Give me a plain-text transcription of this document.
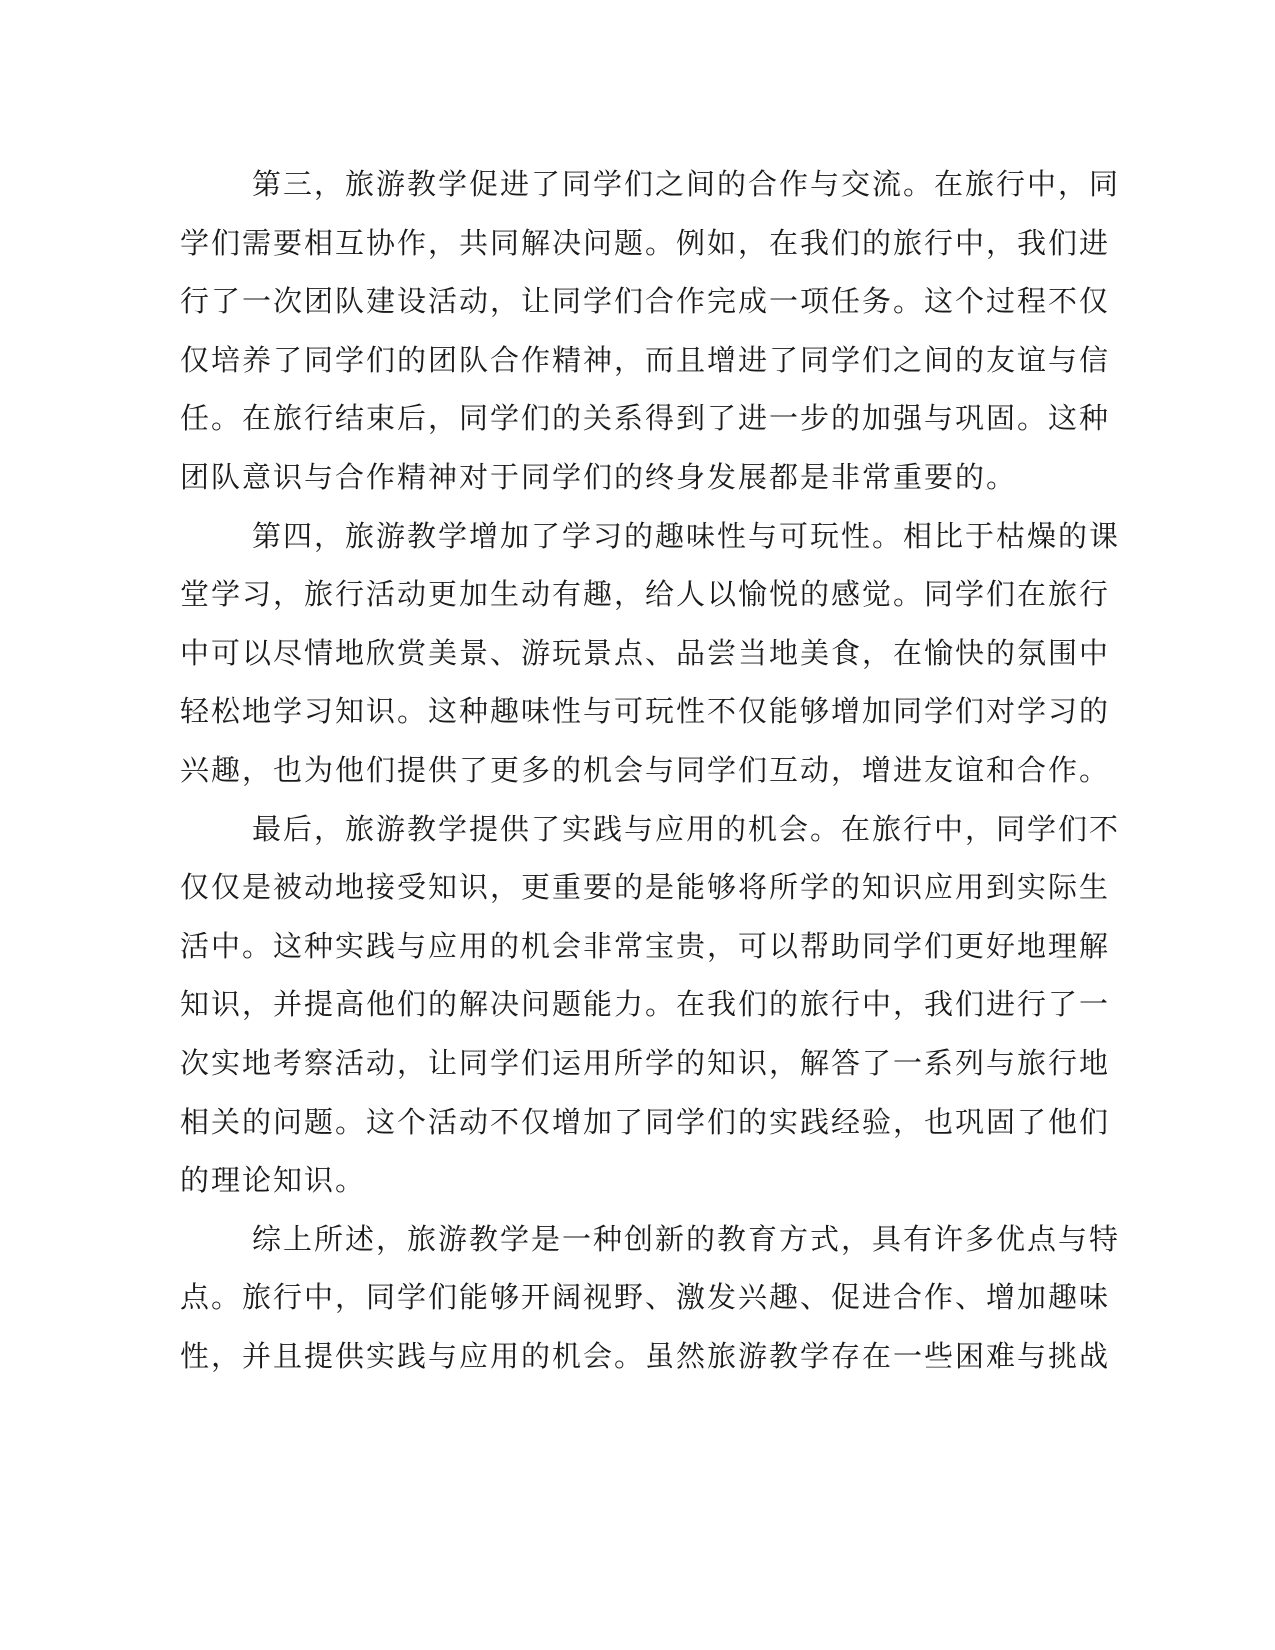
第三，旅游教学促进了同学们之间的合作与交流。在旅行中，同
学们需要相互协作，共同解决问题。例如，在我们的旅行中，我们进
行了一次团队建设活动，让同学们合作完成一项任务。这个过程不仅
仅培养了同学们的团队合作精神，而且增进了同学们之间的友谊与信
任。在旅行结束后，同学们的关系得到了进一步的加强与巩固。这种
团队意识与合作精神对于同学们的终身发展都是非常重要的。
第四，旅游教学增加了学习的趣味性与可玩性。相比于枯燥的课
堂学习，旅行活动更加生动有趣，给人以愉悦的感觉。同学们在旅行
中可以尽情地欣赏美景、游玩景点、品尝当地美食，在愉快的氛围中
轻松地学习知识。这种趣味性与可玩性不仅能够增加同学们对学习的
兴趣，也为他们提供了更多的机会与同学们互动，增进友谊和合作。
最后，旅游教学提供了实践与应用的机会。在旅行中，同学们不
仅仅是被动地接受知识，更重要的是能够将所学的知识应用到实际生
活中。这种实践与应用的机会非常宝贵，可以帮助同学们更好地理解
知识，并提高他们的解决问题能力。在我们的旅行中，我们进行了一
次实地考察活动，让同学们运用所学的知识，解答了一系列与旅行地
相关的问题。这个活动不仅增加了同学们的实践经验，也巩固了他们
的理论知识。
综上所述，旅游教学是一种创新的教育方式，具有许多优点与特
点。旅行中，同学们能够开阔视野、激发兴趣、促进合作、增加趣味
性，并且提供实践与应用的机会。虽然旅游教学存在一些困难与挑战
